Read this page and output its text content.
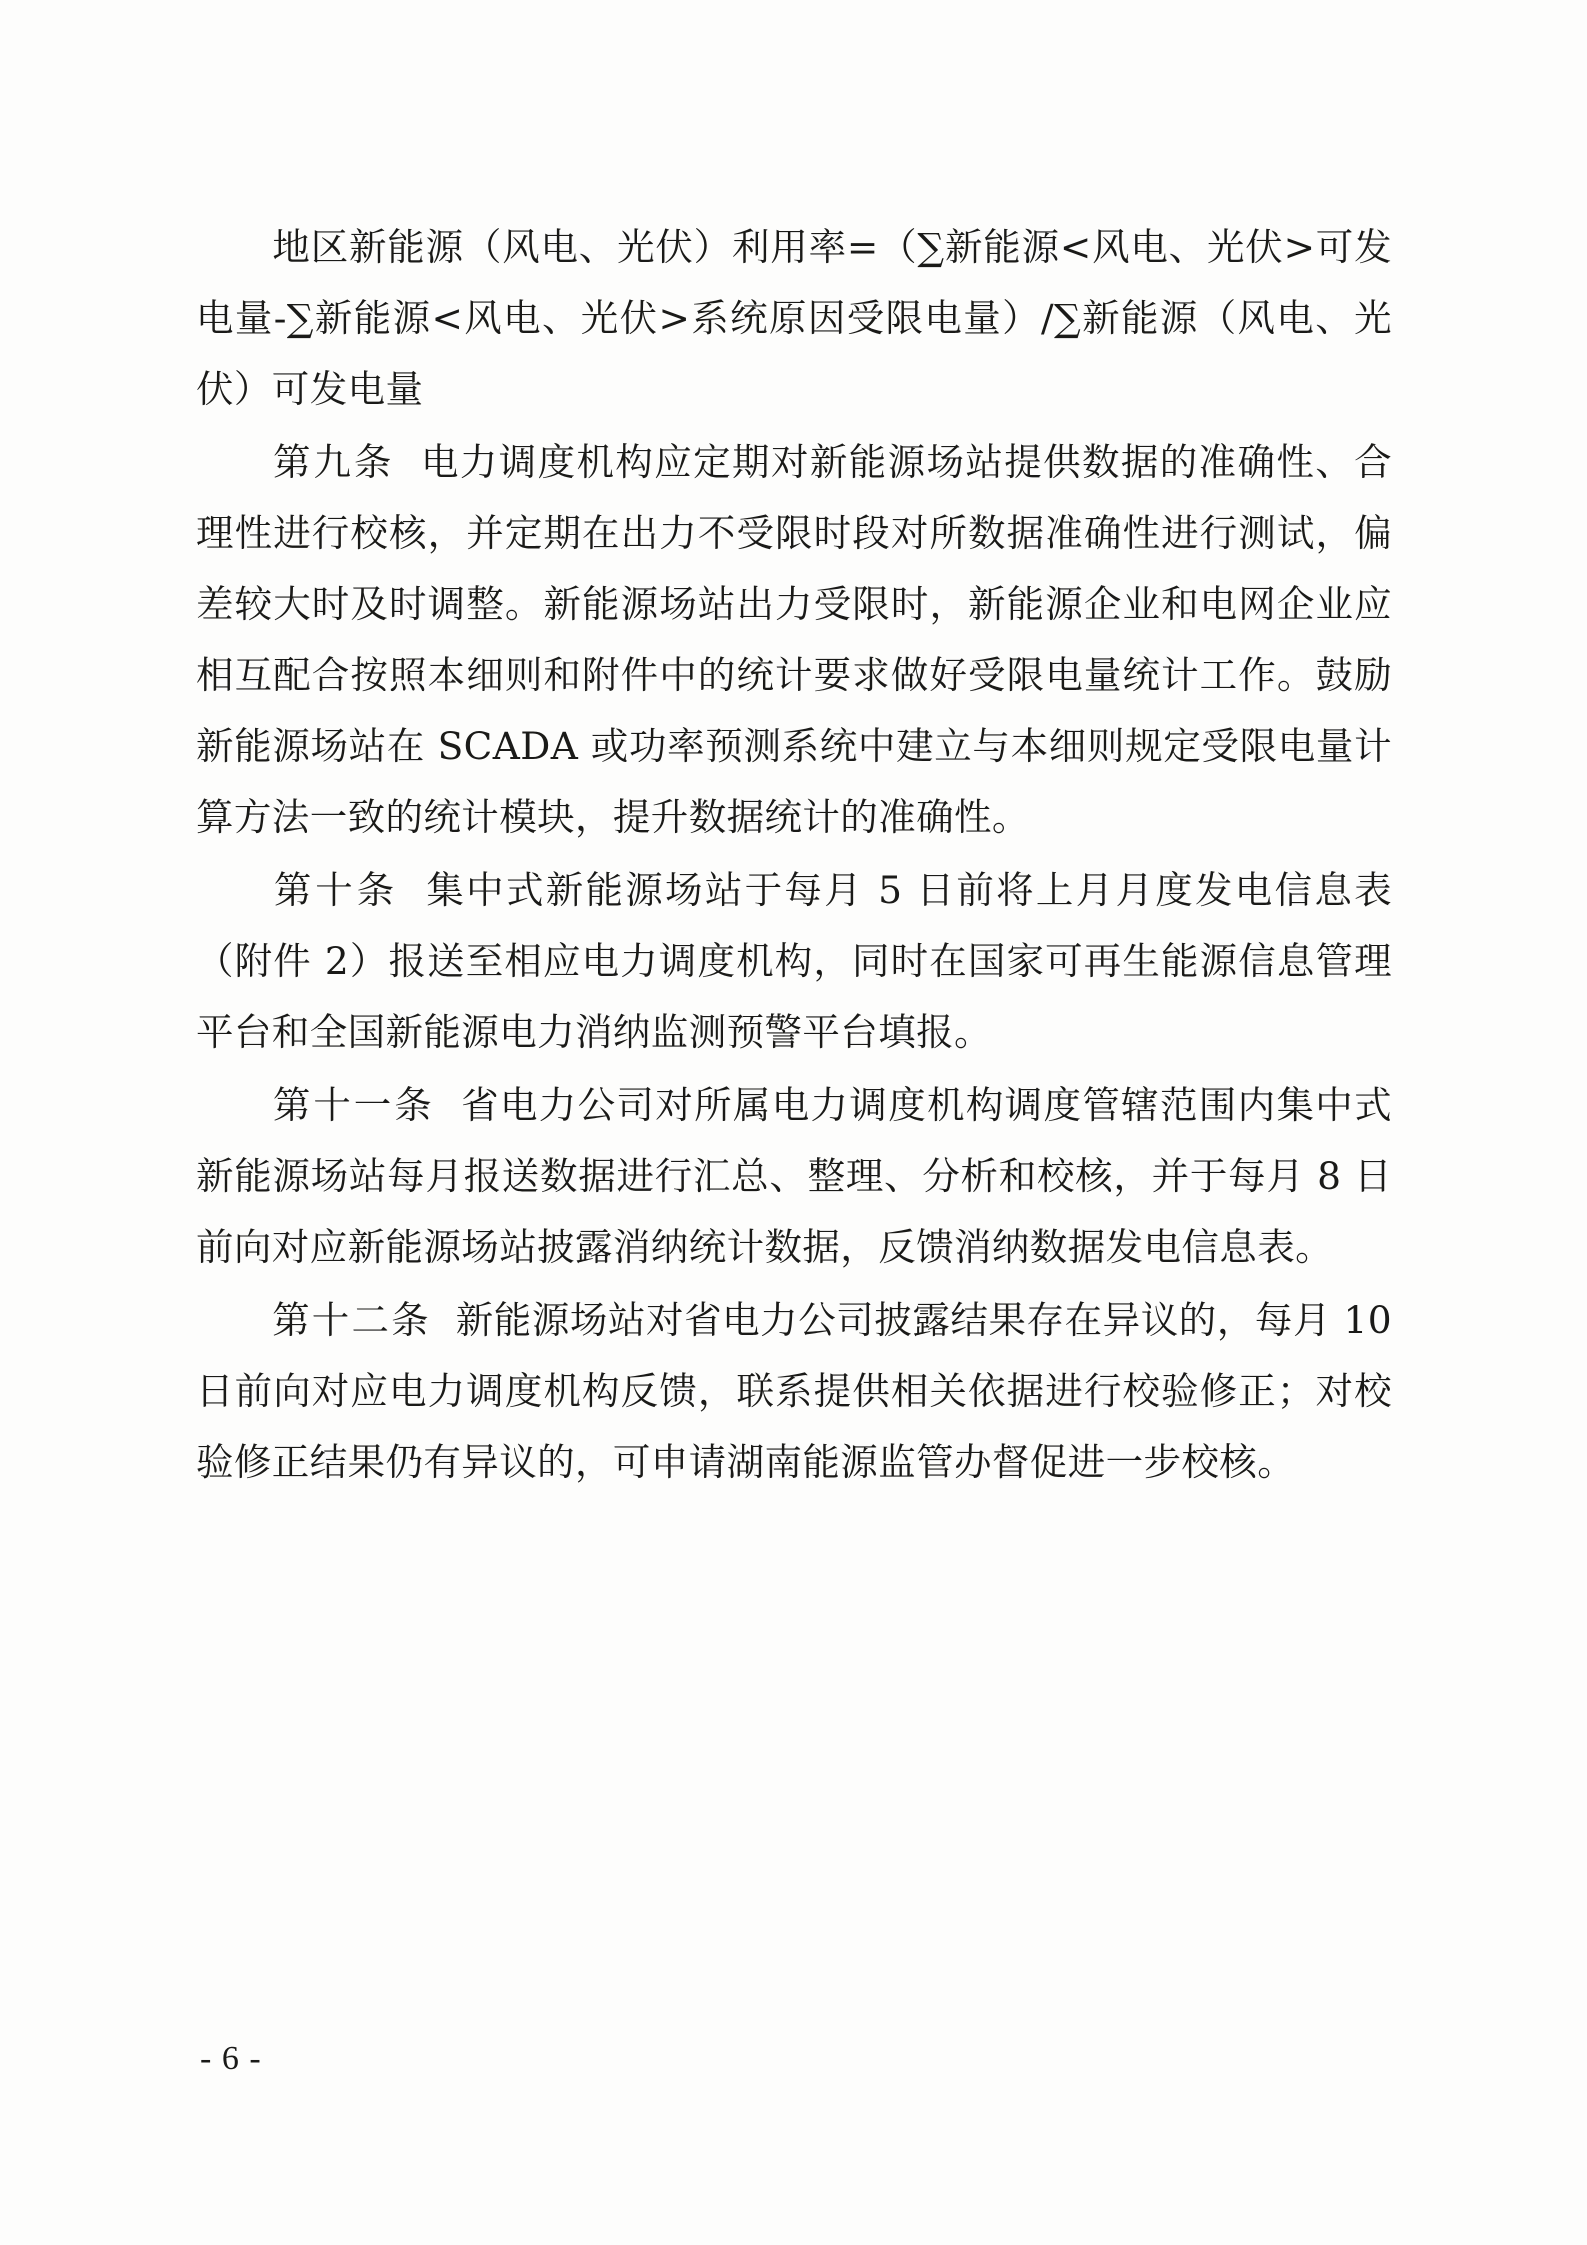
地区新能源（风电、光伏）利用率=（∑新能源<风电、光伏>可发电量-∑新能源<风电、光伏>系统原因受限电量）/∑新能源（风电、光伏）可发电量

第九条 电力调度机构应定期对新能源场站提供数据的准确性、合理性进行校核，并定期在出力不受限时段对所数据准确性进行测试，偏差较大时及时调整。新能源场站出力受限时，新能源企业和电网企业应相互配合按照本细则和附件中的统计要求做好受限电量统计工作。鼓励新能源场站在 SCADA 或功率预测系统中建立与本细则规定受限电量计算方法一致的统计模块，提升数据统计的准确性。

第十条 集中式新能源场站于每月 5 日前将上月月度发电信息表（附件 2）报送至相应电力调度机构，同时在国家可再生能源信息管理平台和全国新能源电力消纳监测预警平台填报。

第十一条 省电力公司对所属电力调度机构调度管辖范围内集中式新能源场站每月报送数据进行汇总、整理、分析和校核，并于每月 8 日前向对应新能源场站披露消纳统计数据，反馈消纳数据发电信息表。

第十二条 新能源场站对省电力公司披露结果存在异议的，每月 10 日前向对应电力调度机构反馈，联系提供相关依据进行校验修正；对校验修正结果仍有异议的，可申请湖南能源监管办督促进一步校核。

- 6 -
